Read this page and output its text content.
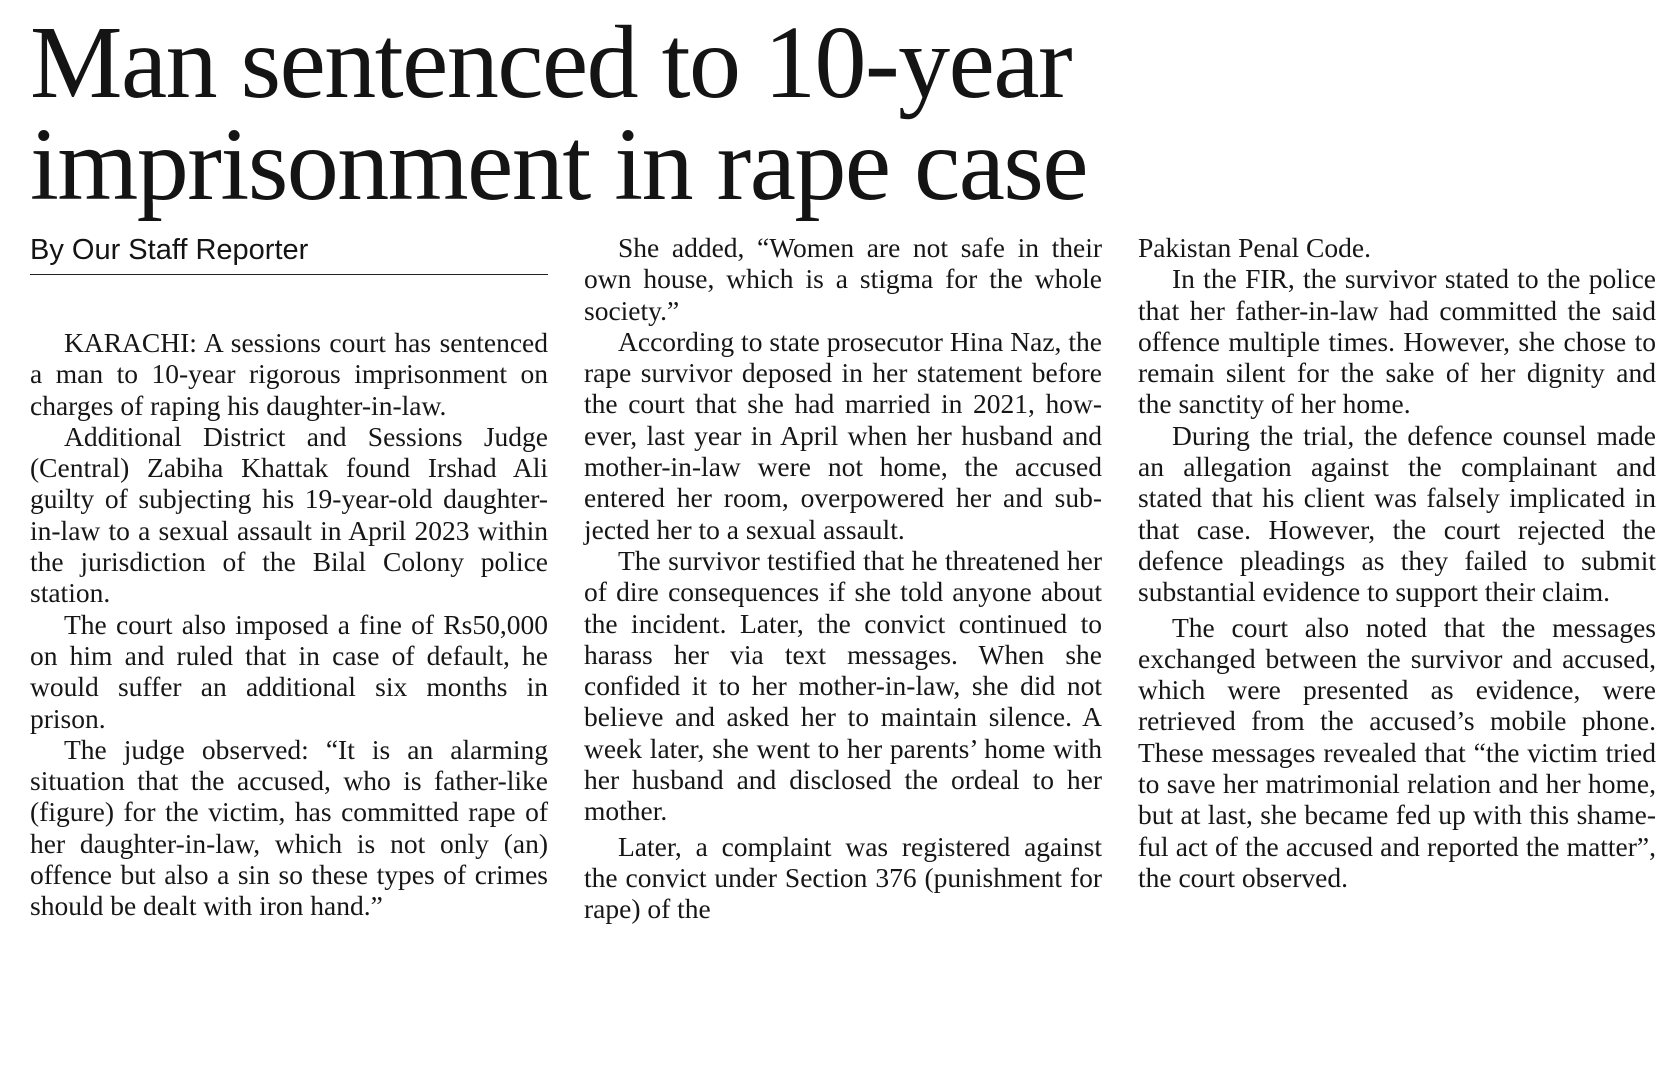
Man sentenced to 10-year
imprisonment in rape case
By Our Staff Reporter

KARACHI: A sessions court has sentenced a man to 10-year rigorous imprisonment on charges of raping his daughter-in-law.

Additional District and Sessions Judge (Central) Zabiha Khattak found Irshad Ali guilty of subjecting his 19-year-old daughter-in-law to a sexual assault in April 2023 within the jurisdiction of the Bilal Colony police station.

The court also imposed a fine of Rs50,000 on him and ruled that in case of default, he would suffer an additional six months in prison.

The judge observed: “It is an alarming situation that the accused, who is father-like (figure) for the victim, has committed rape of her daughter-in-law, which is not only (an) offence but also a sin so these types of crimes should be dealt with iron hand.”

She added, “Women are not safe in their own house, which is a stigma for the whole society.”

According to state prosecutor Hina Naz, the rape survivor deposed in her statement before the court that she had married in 2021, however, last year in April when her husband and mother-in-law were not home, the accused entered her room, overpowered her and subjected her to a sexual assault.

The survivor testified that he threatened her of dire consequences if she told anyone about the incident. Later, the convict continued to harass her via text messages. When she confided it to her mother-in-law, she did not believe and asked her to maintain silence. A week later, she went to her parents’ home with her husband and disclosed the ordeal to her mother.

Later, a complaint was registered against the convict under Section 376 (punishment for rape) of the

Pakistan Penal Code.

In the FIR, the survivor stated to the police that her father-in-law had committed the said offence multiple times. However, she chose to remain silent for the sake of her dignity and the sanctity of her home.

During the trial, the defence counsel made an allegation against the complainant and stated that his client was falsely implicated in that case. However, the court rejected the defence pleadings as they failed to submit substantial evidence to support their claim.

The court also noted that the messages exchanged between the survivor and accused, which were presented as evidence, were retrieved from the accused’s mobile phone. These messages revealed that “the victim tried to save her matrimonial relation and her home, but at last, she became fed up with this shameful act of the accused and reported the matter”, the court observed.
